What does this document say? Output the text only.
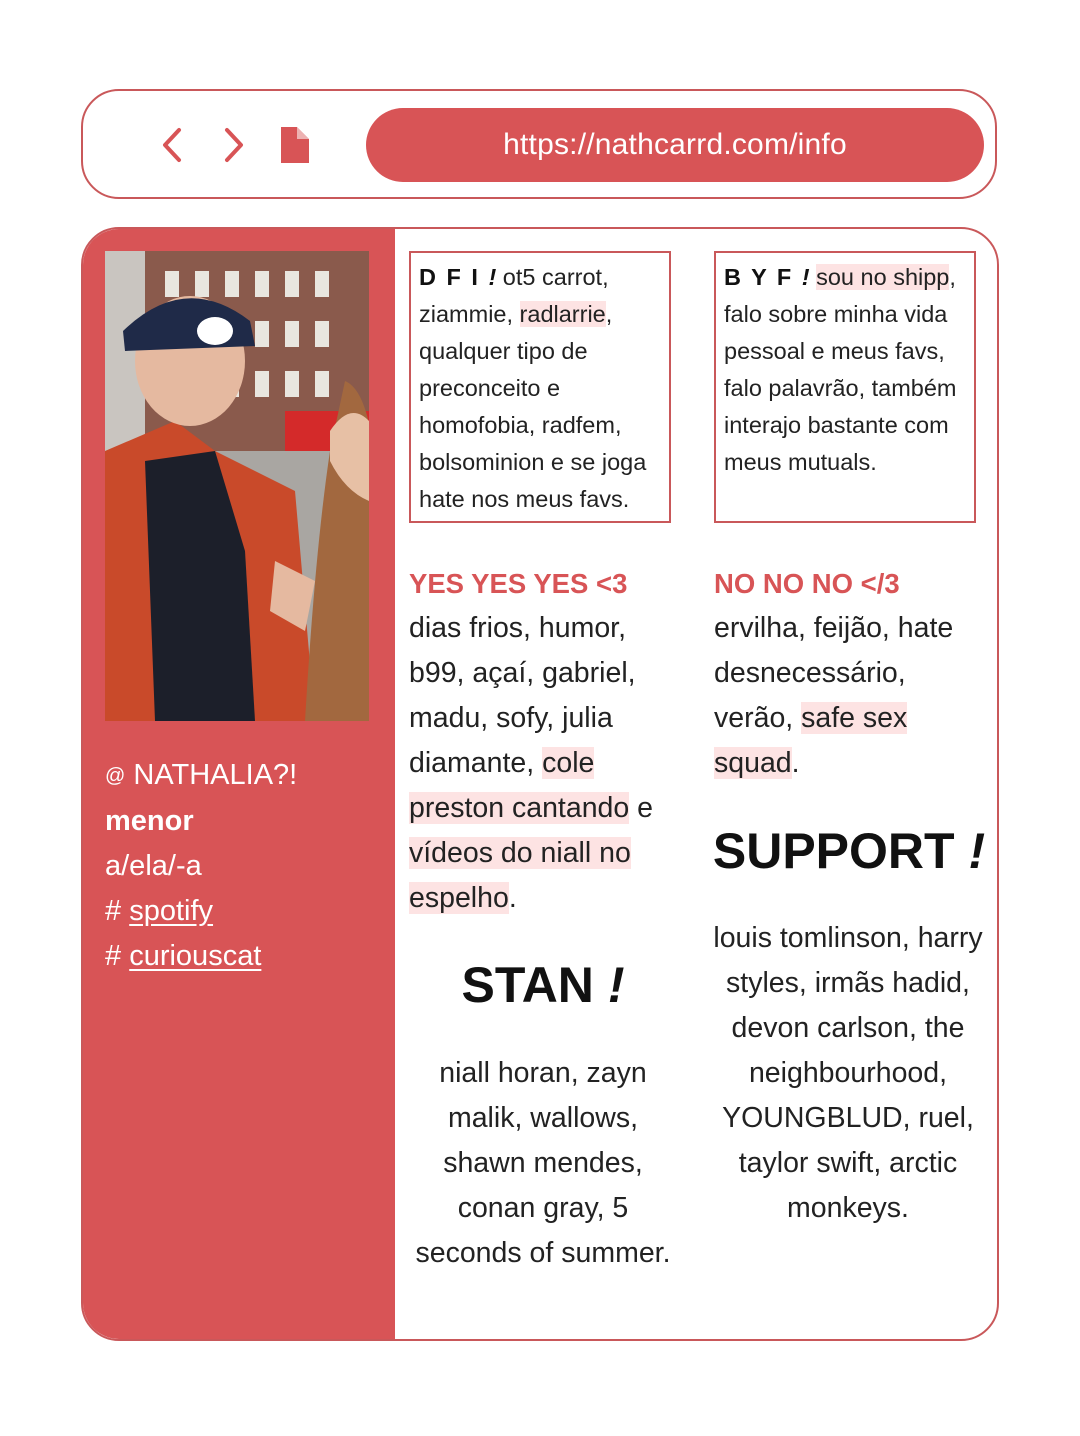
https://nathcarrd.com/info
@ NATHALIA?!
menor
a/ela/-a
# spotify
# curiouscat
D F I ! ot5 carrot, ziammie, radlarrie, qualquer tipo de preconceito e homofobia, radfem, bolsominion e se joga hate nos meus favs.
B Y F ! sou no shipp, falo sobre minha vida pessoal e meus favs, falo palavrão, também interajo bastante com meus mutuals.
YES YES YES <3

dias frios, humor, b99, açaí, gabriel, madu, sofy, julia diamante, cole preston cantando e vídeos do niall no espelho.

NO NO NO </3

ervilha, feijão, hate desnecessário, verão, safe sex squad.

STAN !
niall horan, zayn malik, wallows, shawn mendes, conan gray, 5 seconds of summer.
SUPPORT !
louis tomlinson, harry styles, irmãs hadid, devon carlson, the neighbourhood, YOUNGBLUD, ruel, taylor swift, arctic monkeys.
